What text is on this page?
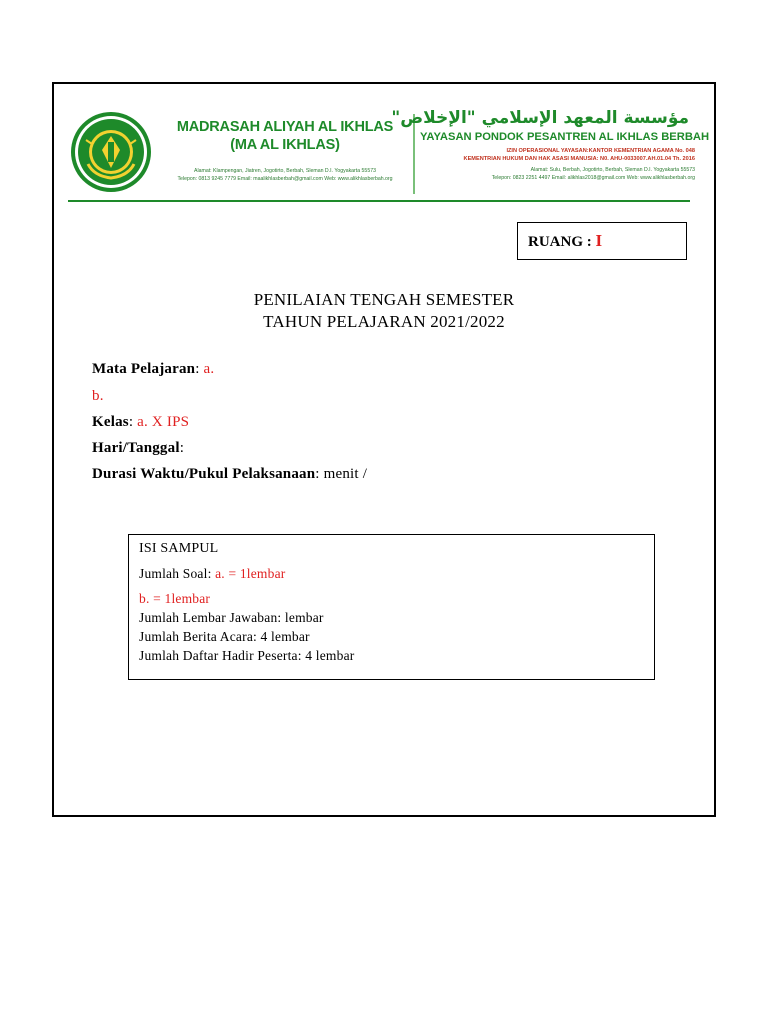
MADRASAH ALIYAH AL IKHLAS
(MA AL IKHLAS)
Alamat: Klampengan, Jiatren, Jogotirto, Berbah, Sleman D.I. Yogyakarta 55573
Telepon: 0813 9245 7779 Email: maalikhlasberbah@gmail.com Web: www.alikhlasberbah.org
مؤسسة المعهد الإسلامي "الإخلاص"
YAYASAN PONDOK PESANTREN AL IKHLAS BERBAH
IZIN OPERASIONAL YAYASAN:KANTOR KEMENTRIAN AGAMA No. 048
KEMENTRIAN HUKUM DAN HAK ASASI MANUSIA: N0. AHU-0033007.AH.01.04 Th. 2016
Alamat: Sulu, Berbah, Jogotirto, Berbah, Sleman D.I. Yogyakarta 55573
Telepon: 0823 2251 4497 Email: alikhlas2018@gmail.com Web: www.alikhlasberbah.org
RUANG : I
PENILAIAN TENGAH SEMESTER
TAHUN PELAJARAN 2021/2022
Mata Pelajaran: a.
b.
Kelas: a. X IPS
Hari/Tanggal:
Durasi Waktu/Pukul Pelaksanaan: menit /
ISI SAMPUL
Jumlah Soal: a. = 1lembar
b. = 1lembar
Jumlah Lembar Jawaban: lembar
Jumlah Berita Acara: 4 lembar
Jumlah Daftar Hadir Peserta: 4 lembar
